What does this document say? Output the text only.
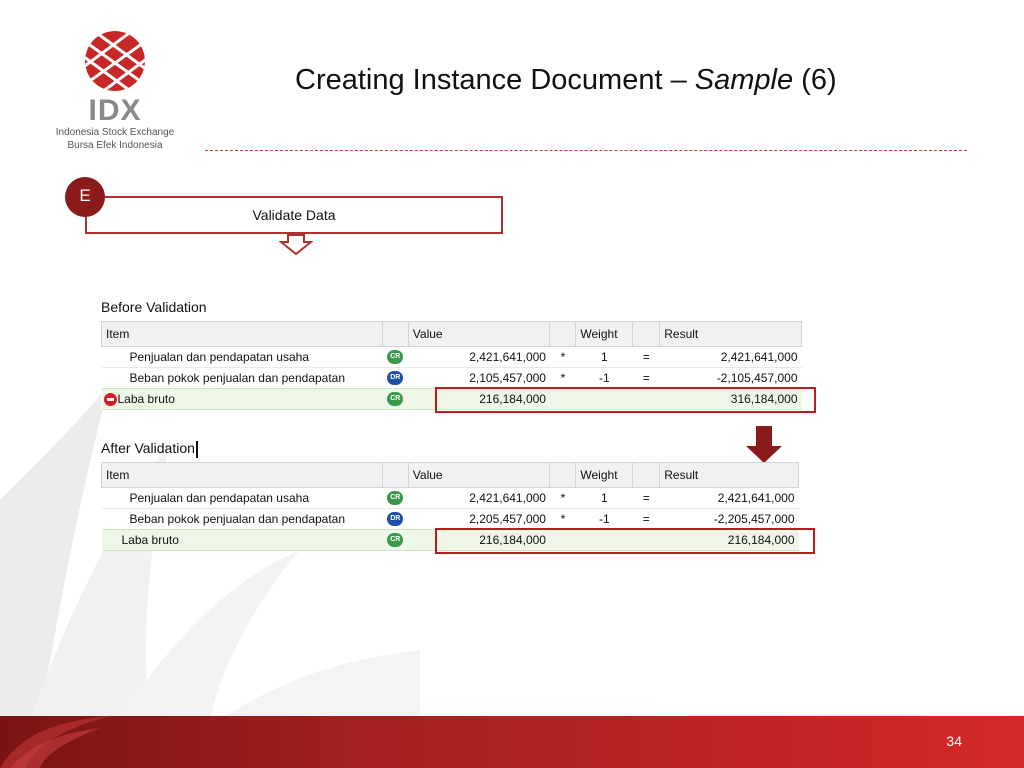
IDX
Indonesia Stock Exchange
Bursa Efek Indonesia
Creating Instance Document – Sample (6)
Validate Data
E
Before Validation
Item		Value		Weight		Result
Penjualan dan pendapatan usaha	CR	2,421,641,000	*	1	=	2,421,641,000
Beban pokok penjualan dan pendapatan	DR	2,105,457,000	*	-1	=	-2,105,457,000
Laba bruto	CR	216,184,000				316,184,000
After Validation
Item		Value		Weight		Result
Penjualan dan pendapatan usaha	CR	2,421,641,000	*	1	=	2,421,641,000
Beban pokok penjualan dan pendapatan	DR	2,205,457,000	*	-1	=	-2,205,457,000
Laba bruto	CR	216,184,000				216,184,000
34
